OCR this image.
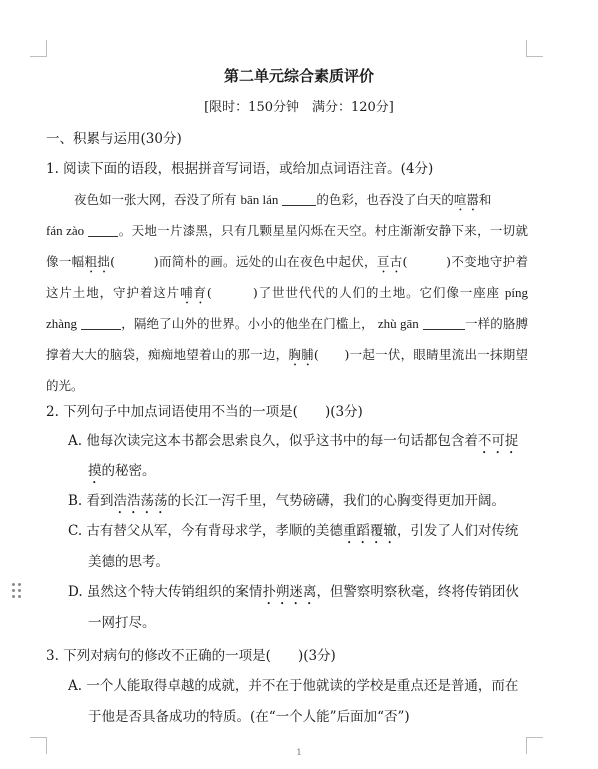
第二单元综合素质评价
[限时：150分钟　满分：120分]
一、积累与运用(30分)
1. 阅读下面的语段，根据拼音写词语，或给加点词语注音。(4分)
夜色如一张大网，吞没了所有 bān lán	的色彩，也吞没了白天的喧嚣和
fán zào	。天地一片漆黑，只有几颗星星闪烁在天空。村庄渐渐安静下来，一切就像一幅粗拙(　　　)而简朴的画。远处的山在夜色中起伏，亘古(　　　)不变地守护着这片土地，守护着这片哺育(　　　)了世世代代的人们的土地。它们像一座座 píng zhàng	，隔绝了山外的世界。小小的他坐在门槛上， zhù gān	一样的胳膊撑着大大的脑袋，痴痴地望着山的那一边，胸脯(　　)一起一伏，眼睛里流出一抹期望的光。
2. 下列句子中加点词语使用不当的一项是(　　)(3分)
A. 他每次读完这本书都会思索良久，似乎这书中的每一句话都包含着不可捉
摸的秘密。
B. 看到浩浩荡荡的长江一泻千里，气势磅礴，我们的心胸变得更加开阔。
C. 古有替父从军，今有背母求学，孝顺的美德重蹈覆辙，引发了人们对传统
美德的思考。
D. 虽然这个特大传销组织的案情扑朔迷离，但警察明察秋毫，终将传销团伙
一网打尽。
3. 下列对病句的修改不正确的一项是(　　)(3分)
A. 一个人能取得卓越的成就，并不在于他就读的学校是重点还是普通，而在
于他是否具备成功的特质。(在“一个人能”后面加“否”)
1
